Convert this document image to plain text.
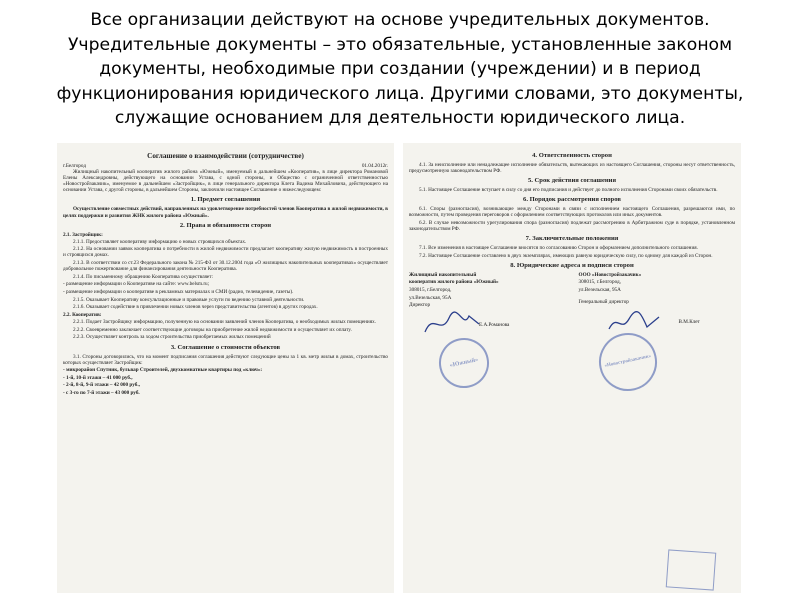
Все организации действуют на основе учредительных документов.
Учредительные документы – это обязательные, установленные законом
документы, необходимые при создании (учреждении) и в период
функционирования юридического лица. Другими словами, это документы,
служащие основанием для деятельности юридического лица.
Соглашение о взаимодействии (сотрудничестве)
г.Белгород	01.04.2012г.

Жилищный накопительный кооператив жилого района «Южный», именуемый в дальнейшем «Кооператив», в лице директора Романовой Елены Александровны, действующего на основании Устава, с одной стороны, и Общество с ограниченной ответственностью «Новостройзакачик», именуемое в дальнейшем «Застройщик», в лице генерального директора Клета Вадима Михайловича, действующего на основании Устава, с другой стороны, в дальнейшем Стороны, заключили настоящее Соглашение о нижеследующем:

1. Предмет соглашения

Осуществление совместных действий, направленных на удовлетворение потребностей членов Кооператива в жилой недвижимости, в целях поддержки и развития ЖНК жилого района «Южный».

2. Права и обязанности сторон

2.1. Застройщик:

2.1.1. Предоставляет кооперативу информацию о новых строящихся объектах.

2.1.2. На основании заявок кооператива о потребности в жилой недвижимости предлагает кооперативу жилую недвижимость в построенных и строящихся домах.

2.1.3. В соответствии со ст.23 Федерального закона № 215-ФЗ от 30.12.2004 года «О жилищных накопительных кооперативах» осуществляет добровольное пожертвование для финансирования деятельности Кооператива.

2.1.4. По письменному обращению Кооператива осуществляет:

- размещение информации о Кооперативе на сайте: www.belsm.ru;

- размещение информации о кооперативе в рекламных материалах и СМИ (радио, телевидение, газеты).

2.1.5. Оказывает Кооперативу консультационные и правовые услуги по ведению уставной деятельности.

2.1.6. Оказывает содействие в привлечении новых членов через представительства (агентов) в других городах.

2.2. Кооператив:

2.2.1. Подает Застройщику информацию, полученную на основании заявлений членов Кооператива, о необходимых жилых помещениях.

2.2.2. Своевременно заключает соответствующие договоры на приобретение жилой недвижимости и осуществляет их оплату.

2.2.3. Осуществляет контроль за ходом строительства приобретаемых жилых помещений

3. Соглашение о стоимости объектов

3.1. Стороны договорились, что на момент подписания соглашения действуют следующие цены за 1 кв. метр жилья в домах, строительство которых осуществляет Застройщик:

- микрорайон Спутник, бульвар Строителей, двухкомнатные квартиры под «ключ»:

- 1-й, 10-й этажи – 41 000 руб.,

- 2-й, 8-й, 9-й этажи – 42 000 руб.,

- с 3-го по 7-й этажи – 43 000 руб.

4. Ответственность сторон

4.1. За неисполнение или ненадлежащее исполнение обязательств, вытекающих из настоящего Соглашения, стороны несут ответственность, предусмотренную законодательством РФ.

5. Срок действия соглашения

5.1. Настоящее Соглашение вступает в силу со дня его подписания и действует до полного исполнения Сторонами своих обязательств.

6. Порядок рассмотрения споров

6.1. Споры (разногласия), возникающие между Сторонами в связи с исполнением настоящего Соглашения, разрешаются ими, по возможности, путем проведения переговоров с оформлением соответствующих протоколов или иных документов.

6.2. В случае невозможности урегулирования спора (разногласия) подлежат рассмотрению в Арбитражном суде в порядке, установленном законодательством РФ.

7. Заключительные положения

7.1. Все изменения в настоящее Соглашение вносятся по согласованию Сторон и оформлением дополнительного соглашения.

7.2. Настоящее Соглашение составлено в двух экземплярах, имеющих равную юридическую силу, по одному для каждой из Сторон.

8. Юридические адреса и подписи сторон

Жилищный накопительный

кооператив жилого района «Южный»

308015, г.Белгород,

ул.Везельская, 95А

Директор

Е.А.Романова
«Южный»

ООО «Новостройзакачик»

308015, г.Белгород,

ул.Везельская, 95А

Генеральный директор

В.М.Клет
«Новостройзакачик»
